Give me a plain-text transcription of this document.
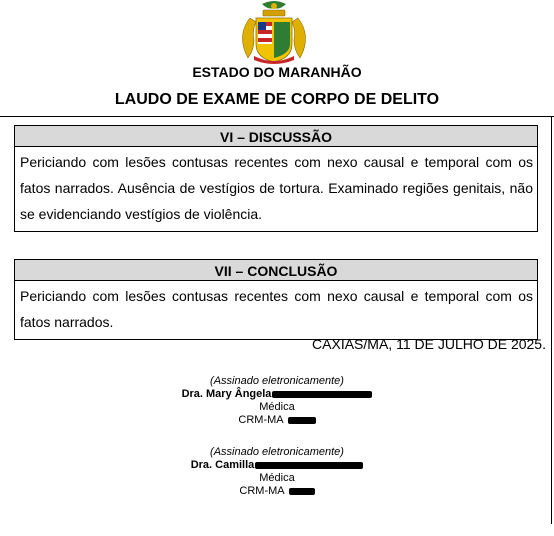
ESTADO DO MARANHÃO
LAUDO DE EXAME DE CORPO DE DELITO
VI – DISCUSSÃO
Periciando com lesões contusas recentes com nexo causal e temporal com os fatos narrados. Ausência de vestígios de tortura. Examinado regiões genitais, não se evidenciando vestígios de violência.
VII – CONCLUSÃO
Periciando com lesões contusas recentes com nexo causal e temporal com os fatos narrados.
CAXIAS/MA, 11 DE JULHO DE 2025.
(Assinado eletronicamente)
Dra. Mary Ângela
Médica
CRM-MA
(Assinado eletronicamente)
Dra. Camilla
Médica
CRM-MA
